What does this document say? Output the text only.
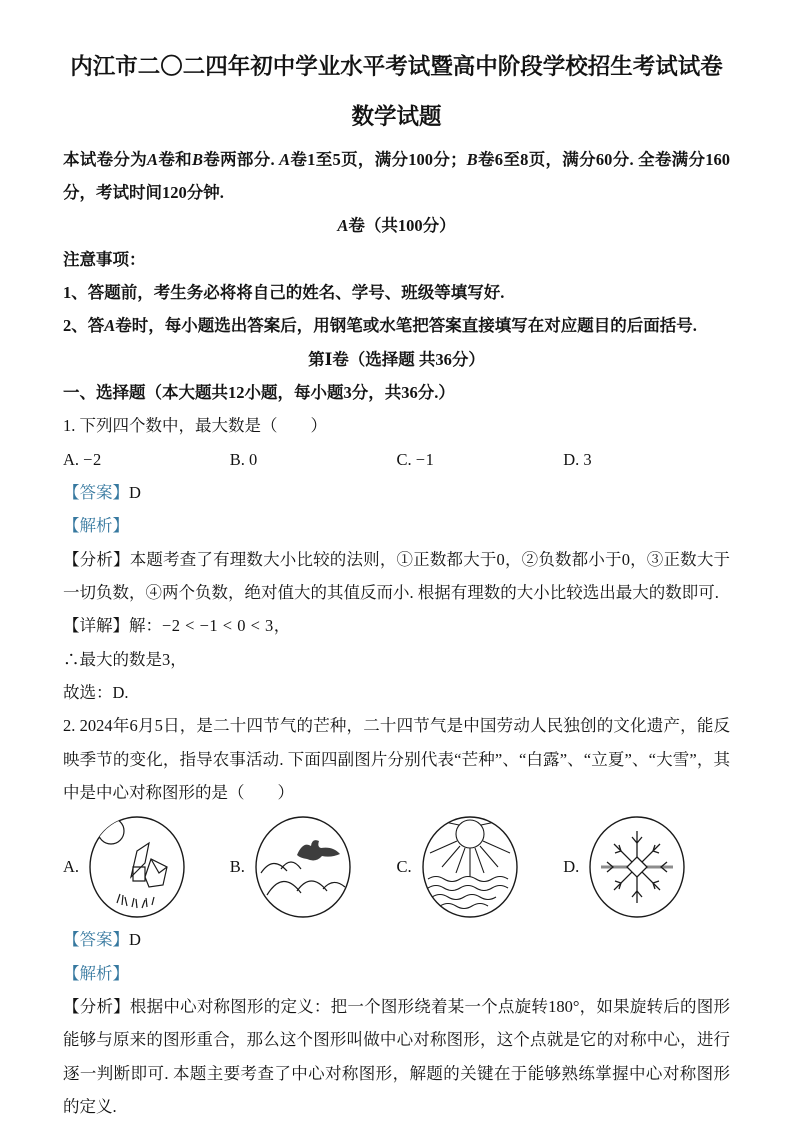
内江市二〇二四年初中学业水平考试暨高中阶段学校招生考试试卷
数学试题

本试卷分为A卷和B卷两部分. A卷1至5页，满分100分；B卷6至8页，满分60分. 全卷满分160分，考试时间120分钟.

A卷（共100分）

注意事项：

1、答题前，考生务必将将自己的姓名、学号、班级等填写好.

2、答A卷时，每小题选出答案后，用钢笔或水笔把答案直接填写在对应题目的后面括号.

第Ⅰ卷（选择题 共36分）

一、选择题（本大题共12小题，每小题3分，共36分.）

1. 下列四个数中，最大数是（　　）

A. −2	B. 0	C. −1	D. 3

【答案】D

【解析】

【分析】本题考查了有理数大小比较的法则，①正数都大于0，②负数都小于0，③正数大于一切负数，④两个负数，绝对值大的其值反而小. 根据有理数的大小比较选出最大的数即可.

【详解】解：−2 < −1 < 0 < 3，

∴最大的数是3，

故选：D.

2. 2024年6月5日，是二十四节气的芒种，二十四节气是中国劳动人民独创的文化遗产，能反映季节的变化，指导农事活动. 下面四副图片分别代表“芒种”、“白露”、“立夏”、“大雪”，其中是中心对称图形的是（　　）

A.	B.	C.	D.

【答案】D

【解析】

【分析】根据中心对称图形的定义：把一个图形绕着某一个点旋转180°，如果旋转后的图形能够与原来的图形重合，那么这个图形叫做中心对称图形，这个点就是它的对称中心，进行逐一判断即可. 本题主要考查了中心对称图形，解题的关键在于能够熟练掌握中心对称图形的定义.
